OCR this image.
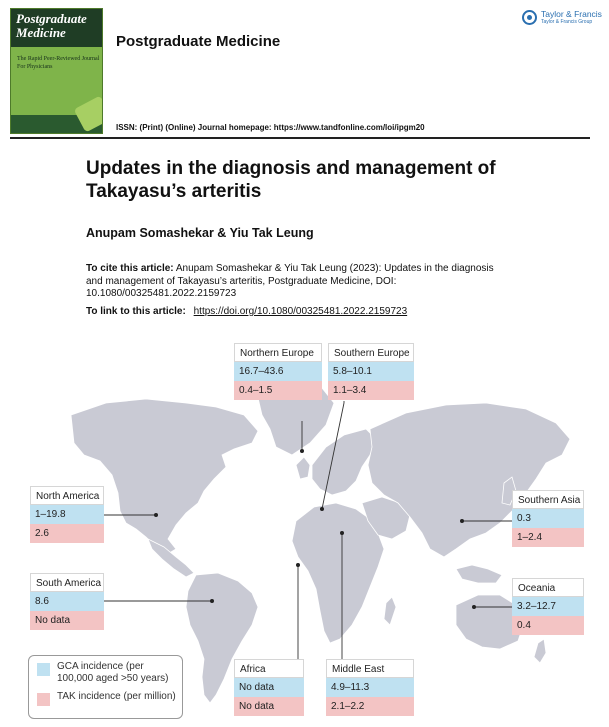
Postgraduate Medicine
The Rapid Peer-Reviewed Journal For Physicians
Postgraduate Medicine
Taylor & Francis
Taylor & Francis Group
ISSN: (Print) (Online) Journal homepage: https://www.tandfonline.com/loi/ipgm20
Updates in the diagnosis and management of Takayasu’s arteritis
Anupam Somashekar & Yiu Tak Leung
To cite this article: Anupam Somashekar & Yiu Tak Leung (2023): Updates in the diagnosis and management of Takayasu’s arteritis, Postgraduate Medicine, DOI: 10.1080/00325481.2022.2159723
To link to this article: https://doi.org/10.1080/00325481.2022.2159723
Northern Europe
16.7–43.6
0.4–1.5
Southern Europe
5.8–10.1
1.1–3.4
North America
1–19.8
2.6
Southern Asia
0.3
1–2.4
South America
8.6
No data
Oceania
3.2–12.7
0.4
Africa
No data
No data
Middle East
4.9–11.3
2.1–2.2
GCA incidence (per 100,000 aged >50 years)
TAK incidence (per million)
